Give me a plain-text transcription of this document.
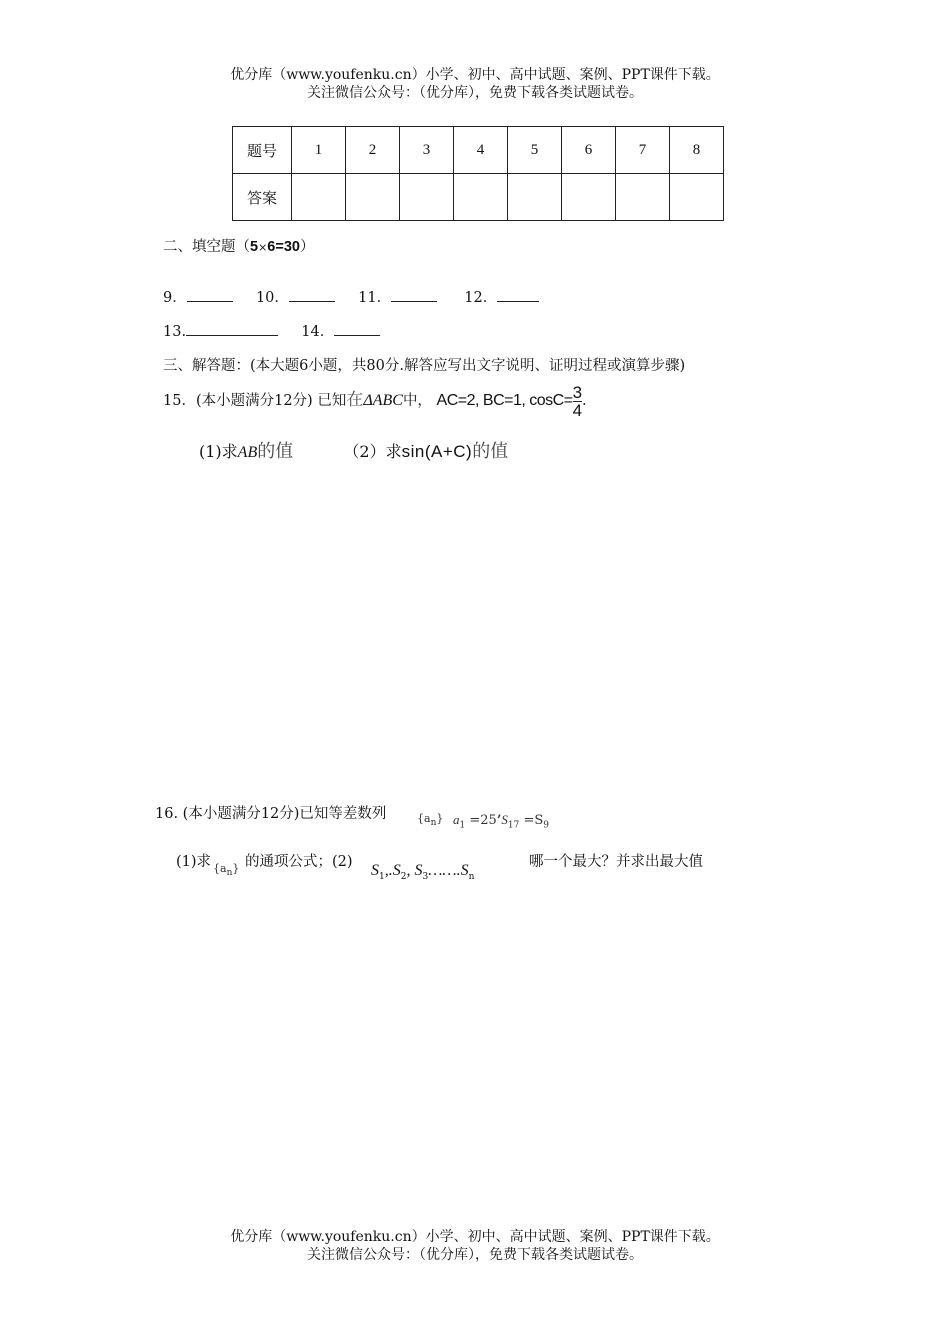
优分库（www.youfenku.cn）小学、初中、高中试题、案例、PPT课件下载。
关注微信公众号：（优分库），免费下载各类试题试卷。
题号	1	2	3	4	5	6	7	8
答案								
二、填空题（5×6=30）
9．	10．	11．	12．
13.	14．
三、解答题：(本大题6小题，共80分.解答应写出文字说明、证明过程或演算步骤)
15．(本小题满分12分) 已知在ΔABC中， AC=2, BC=1, $\cos C=\frac{3}{4}$ .
(1)求AB的值	（2）求sin(A+C)的值
16. (本小题满分12分)已知等差数列	$\{a_n\}$ $a_1$ $=25’S_{17} =S_9$
(1)求 $\{a_n\}$ 的通项公式；(2) $S_1,.S_2$, $S_3\dots\dots.S_n$
哪一个最大？并求出最大值
优分库（www.youfenku.cn）小学、初中、高中试题、案例、PPT课件下载。
关注微信公众号：（优分库），免费下载各类试题试卷。
